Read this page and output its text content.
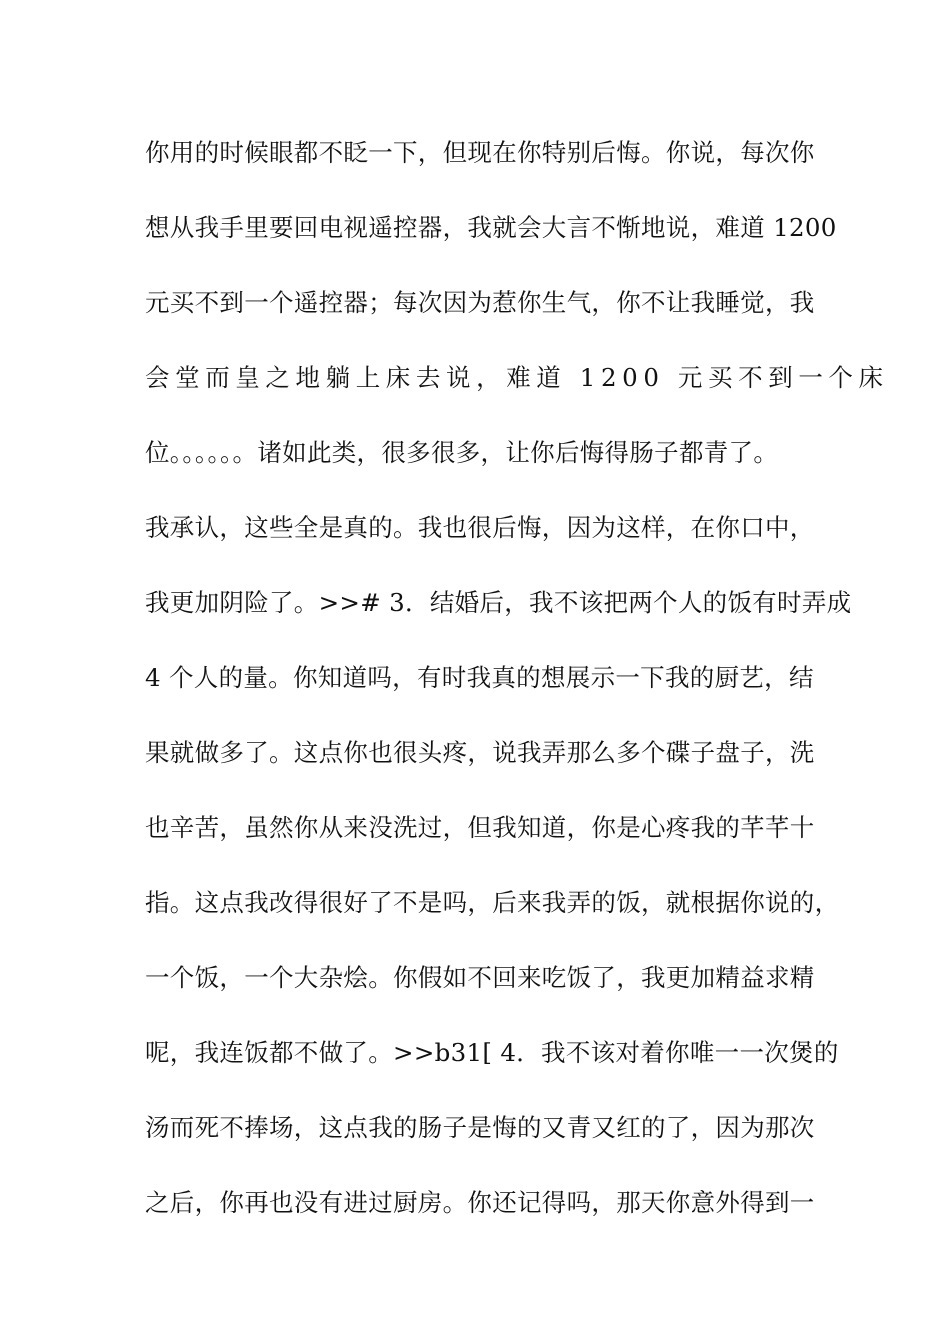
你用的时候眼都不眨一下，但现在你特别后悔。你说，每次你
想从我手里要回电视遥控器，我就会大言不惭地说，难道 1200
元买不到一个遥控器；每次因为惹你生气，你不让我睡觉，我
会堂而皇之地躺上床去说，难道 1200 元买不到一个床
位。。。。。。诸如此类，很多很多，让你后悔得肠子都青了。
我承认，这些全是真的。我也很后悔，因为这样，在你口中，
我更加阴险了。>># 3．结婚后，我不该把两个人的饭有时弄成
4 个人的量。你知道吗，有时我真的想展示一下我的厨艺，结
果就做多了。这点你也很头疼，说我弄那么多个碟子盘子，洗
也辛苦，虽然你从来没洗过，但我知道，你是心疼我的芊芊十
指。这点我改得很好了不是吗，后来我弄的饭，就根据你说的，
一个饭，一个大杂烩。你假如不回来吃饭了，我更加精益求精
呢，我连饭都不做了。>>b31[ 4．我不该对着你唯一一次煲的
汤而死不捧场，这点我的肠子是悔的又青又红的了，因为那次
之后，你再也没有进过厨房。你还记得吗，那天你意外得到一
